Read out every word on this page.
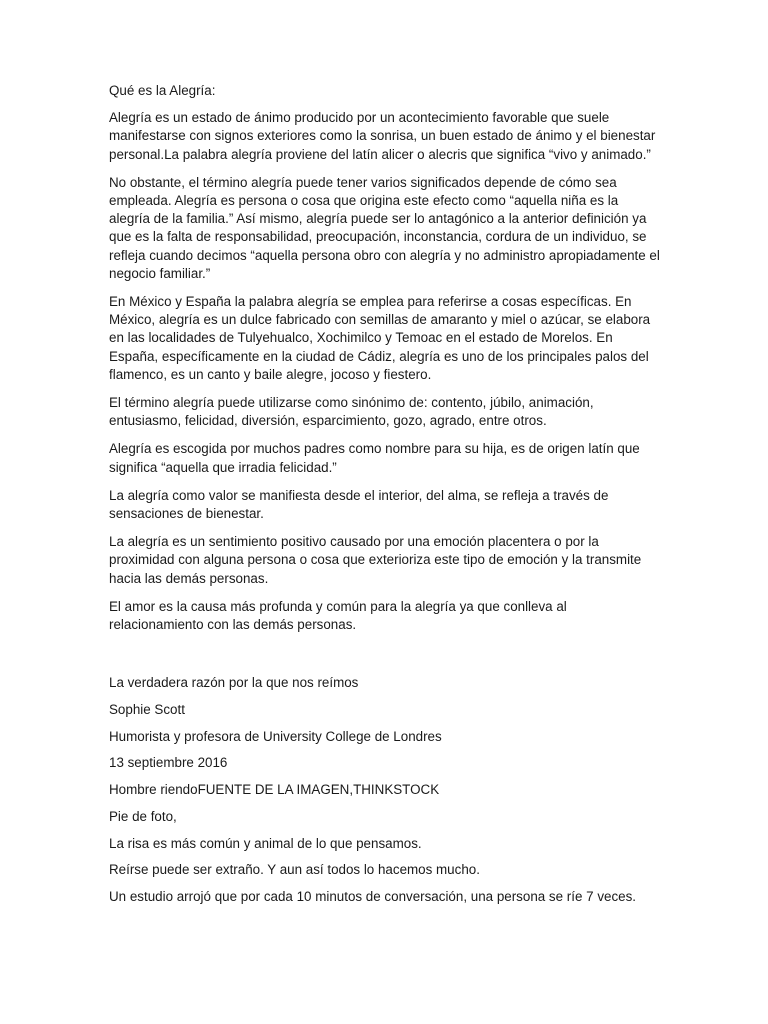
Qué es la Alegría:

Alegría es un estado de ánimo producido por un acontecimiento favorable que suele manifestarse con signos exteriores como la sonrisa, un buen estado de ánimo y el bienestar personal.La palabra alegría proviene del latín alicer o alecris que significa “vivo y animado.”

No obstante, el término alegría puede tener varios significados depende de cómo sea empleada. Alegría es persona o cosa que origina este efecto como “aquella niña es la alegría de la familia.” Así mismo, alegría puede ser lo antagónico a la anterior definición ya que es la falta de responsabilidad, preocupación, inconstancia, cordura de un individuo, se refleja cuando decimos “aquella persona obro con alegría y no administro apropiadamente el negocio familiar.”

En México y España la palabra alegría se emplea para referirse a cosas específicas. En México, alegría es un dulce fabricado con semillas de amaranto y miel o azúcar, se elabora en las localidades de Tulyehualco, Xochimilco y Temoac en el estado de Morelos. En España, específicamente en la ciudad de Cádiz, alegría es uno de los principales palos del flamenco, es un canto y baile alegre, jocoso y fiestero.

El término alegría puede utilizarse como sinónimo de: contento, júbilo, animación, entusiasmo, felicidad, diversión, esparcimiento, gozo, agrado, entre otros.

Alegría es escogida por muchos padres como nombre para su hija, es de origen latín que significa “aquella que irradia felicidad.”

La alegría como valor se manifiesta desde el interior, del alma, se refleja a través de sensaciones de bienestar.

La alegría es un sentimiento positivo causado por una emoción placentera o por la proximidad con alguna persona o cosa que exterioriza este tipo de emoción y la transmite hacia las demás personas.

El amor es la causa más profunda y común para la alegría ya que conlleva al relacionamiento con las demás personas.

La verdadera razón por la que nos reímos

Sophie Scott

Humorista y profesora de University College de Londres

13 septiembre 2016

Hombre riendoFUENTE DE LA IMAGEN,THINKSTOCK

Pie de foto,

La risa es más común y animal de lo que pensamos.

Reírse puede ser extraño. Y aun así todos lo hacemos mucho.

Un estudio arrojó que por cada 10 minutos de conversación, una persona se ríe 7 veces.
